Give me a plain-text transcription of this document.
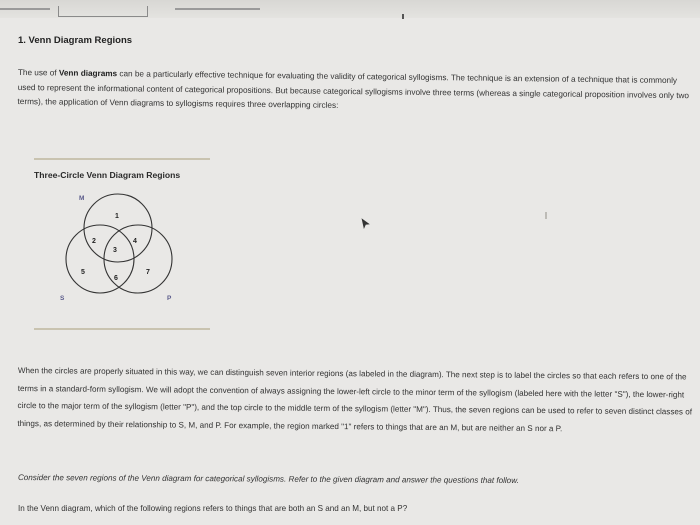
1. Venn Diagram Regions
The use of Venn diagrams can be a particularly effective technique for evaluating the validity of categorical syllogisms. The technique is an extension of a technique that is commonly used to represent the informational content of categorical propositions. But because categorical syllogisms involve three terms (whereas a single categorical proposition involves only two terms), the application of Venn diagrams to syllogisms requires three overlapping circles:
Three-Circle Venn Diagram Regions
M
S	P
1
2
3
4
5
6
7
When the circles are properly situated in this way, we can distinguish seven interior regions (as labeled in the diagram). The next step is to label the circles so that each refers to one of the terms in a standard-form syllogism. We will adopt the convention of always assigning the lower-left circle to the minor term of the syllogism (labeled here with the letter "S"), the lower-right circle to the major term of the syllogism (letter "P"), and the top circle to the middle term of the syllogism (letter "M"). Thus, the seven regions can be used to refer to seven distinct classes of things, as determined by their relationship to S, M, and P. For example, the region marked "1" refers to things that are an M, but are neither an S nor a P.
Consider the seven regions of the Venn diagram for categorical syllogisms. Refer to the given diagram and answer the questions that follow.
In the Venn diagram, which of the following regions refers to things that are both an S and an M, but not a P?
